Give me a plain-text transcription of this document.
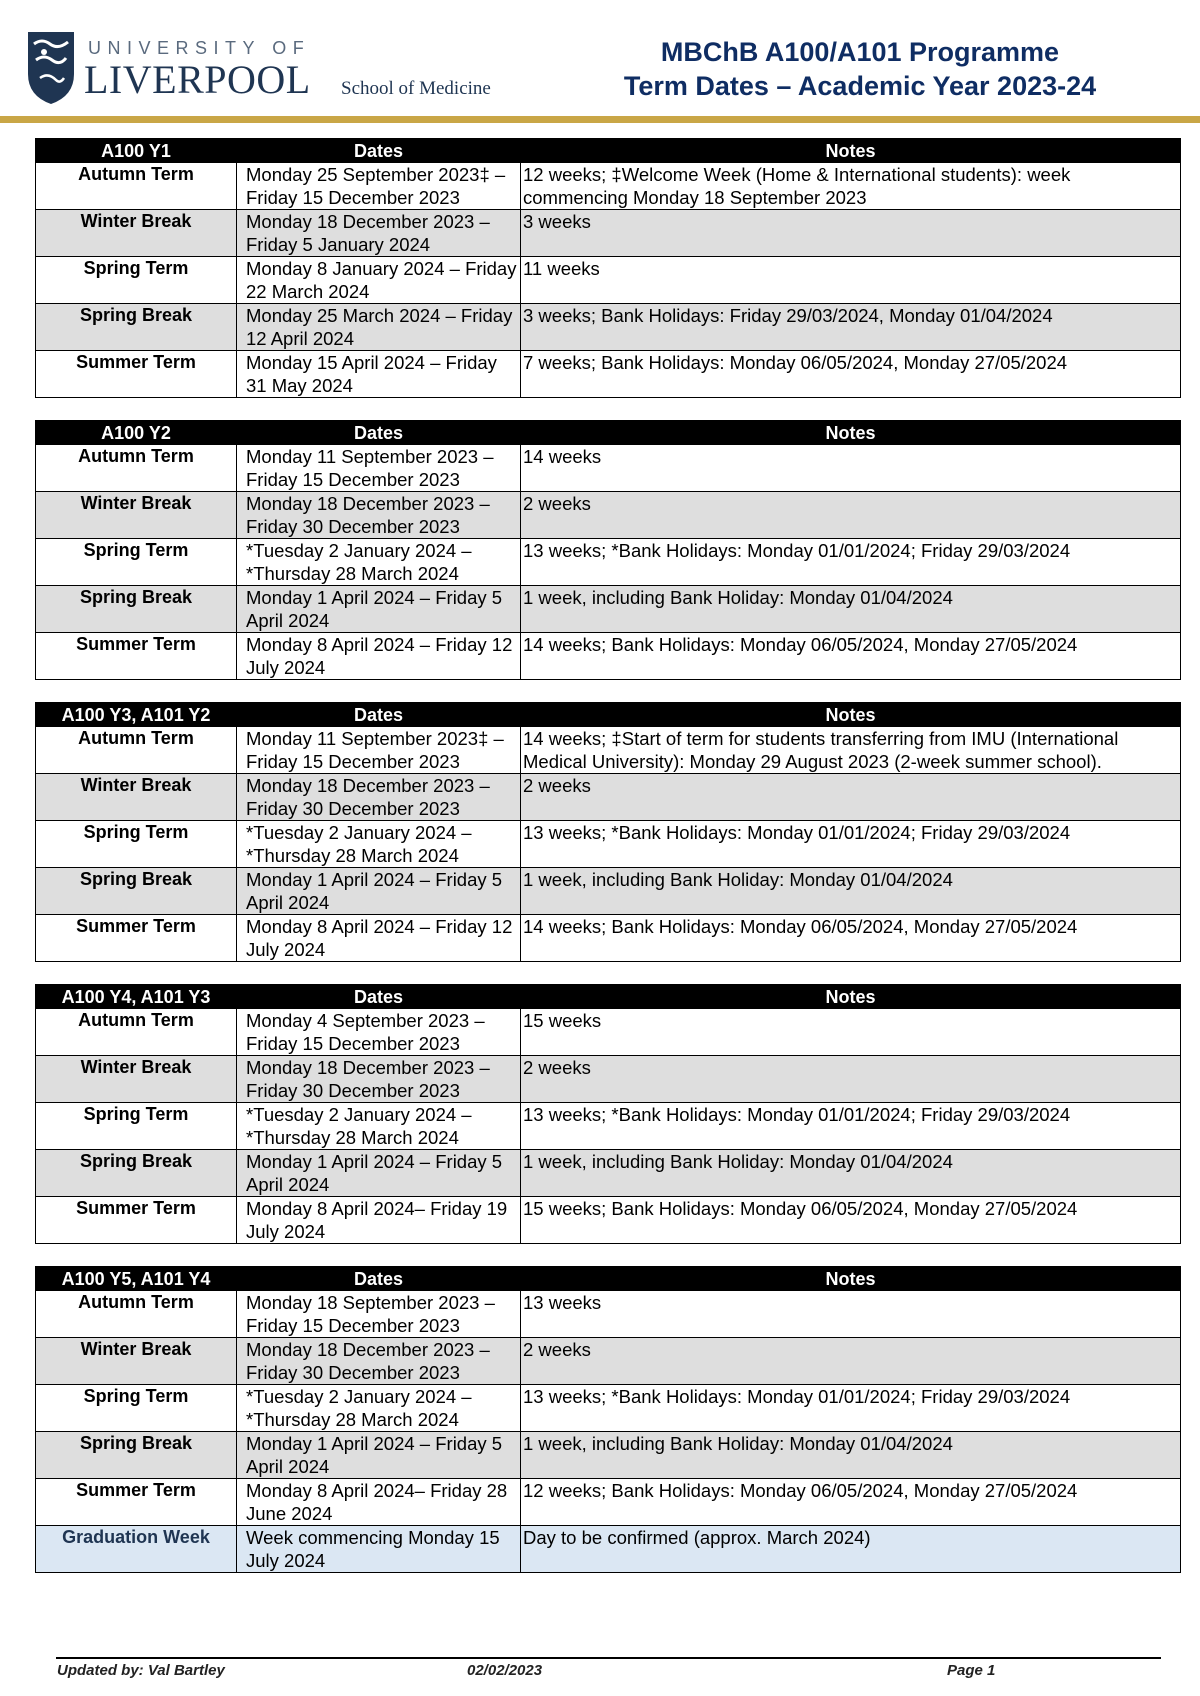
UNIVERSITY OF
LIVERPOOL School of Medicine
MBChB A100/A101 Programme
Term Dates – Academic Year 2023-24
A100 Y1	Dates	Notes
Autumn Term	Monday 25 September 2023‡ – Friday 15 December 2023	12 weeks; ‡Welcome Week (Home & International students): week commencing Monday 18 September 2023
Winter Break	Monday 18 December 2023 – Friday 5 January 2024	3 weeks
Spring Term	Monday 8 January 2024 – Friday 22 March 2024	11 weeks
Spring Break	Monday 25 March 2024 – Friday 12 April 2024	3 weeks; Bank Holidays: Friday 29/03/2024, Monday 01/04/2024
Summer Term	Monday 15 April 2024 – Friday 31 May 2024	7 weeks; Bank Holidays: Monday 06/05/2024, Monday 27/05/2024
A100 Y2	Dates	Notes
Autumn Term	Monday 11 September 2023 – Friday 15 December 2023	14 weeks
Winter Break	Monday 18 December 2023 – Friday 30 December 2023	2 weeks
Spring Term	*Tuesday 2 January 2024 – *Thursday 28 March 2024	13 weeks; *Bank Holidays: Monday 01/01/2024; Friday 29/03/2024
Spring Break	Monday 1 April 2024 – Friday 5 April 2024	1 week, including Bank Holiday: Monday 01/04/2024
Summer Term	Monday 8 April 2024 – Friday 12 July 2024	14 weeks; Bank Holidays: Monday 06/05/2024, Monday 27/05/2024
A100 Y3, A101 Y2	Dates	Notes
Autumn Term	Monday 11 September 2023‡ – Friday 15 December 2023	14 weeks; ‡Start of term for students transferring from IMU (International Medical University): Monday 29 August 2023 (2-week summer school).
Winter Break	Monday 18 December 2023 – Friday 30 December 2023	2 weeks
Spring Term	*Tuesday 2 January 2024 – *Thursday 28 March 2024	13 weeks; *Bank Holidays: Monday 01/01/2024; Friday 29/03/2024
Spring Break	Monday 1 April 2024 – Friday 5 April 2024	1 week, including Bank Holiday: Monday 01/04/2024
Summer Term	Monday 8 April 2024 – Friday 12 July 2024	14 weeks; Bank Holidays: Monday 06/05/2024, Monday 27/05/2024
A100 Y4, A101 Y3	Dates	Notes
Autumn Term	Monday 4 September 2023 – Friday 15 December 2023	15 weeks
Winter Break	Monday 18 December 2023 – Friday 30 December 2023	2 weeks
Spring Term	*Tuesday 2 January 2024 – *Thursday 28 March 2024	13 weeks; *Bank Holidays: Monday 01/01/2024; Friday 29/03/2024
Spring Break	Monday 1 April 2024 – Friday 5 April 2024	1 week, including Bank Holiday: Monday 01/04/2024
Summer Term	Monday 8 April 2024– Friday 19 July 2024	15 weeks; Bank Holidays: Monday 06/05/2024, Monday 27/05/2024
A100 Y5, A101 Y4	Dates	Notes
Autumn Term	Monday 18 September 2023 – Friday 15 December 2023	13 weeks
Winter Break	Monday 18 December 2023 – Friday 30 December 2023	2 weeks
Spring Term	*Tuesday 2 January 2024 – *Thursday 28 March 2024	13 weeks; *Bank Holidays: Monday 01/01/2024; Friday 29/03/2024
Spring Break	Monday 1 April 2024 – Friday 5 April 2024	1 week, including Bank Holiday: Monday 01/04/2024
Summer Term	Monday 8 April 2024– Friday 28 June 2024	12 weeks; Bank Holidays: Monday 06/05/2024, Monday 27/05/2024
Graduation Week	Week commencing Monday 15 July 2024	Day to be confirmed (approx. March 2024)
Updated by: Val Bartley	02/02/2023	Page 1
